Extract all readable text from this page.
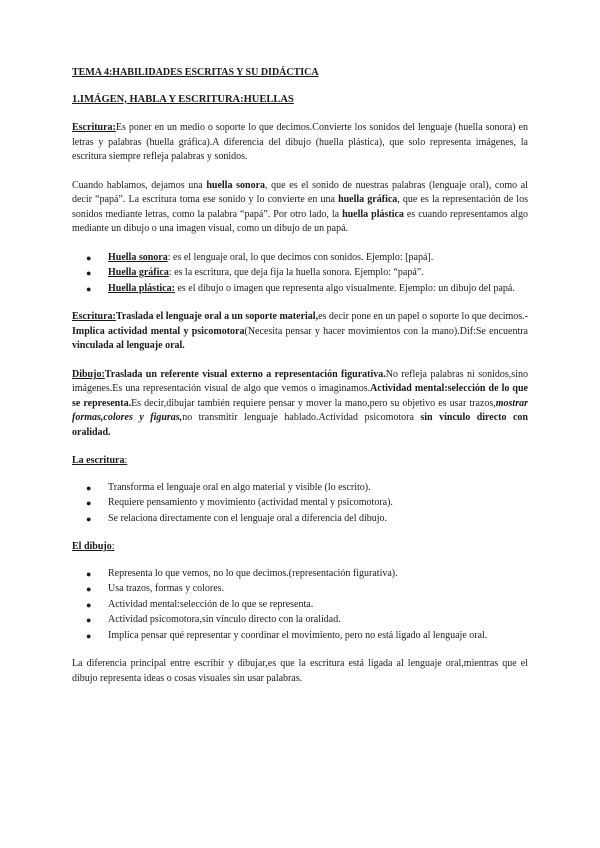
TEMA 4:HABILIDADES ESCRITAS Y SU DIDÁCTICA
1.IMÁGEN, HABLA Y ESCRITURA:HUELLAS

Escritura:Es poner en un medio o soporte lo que decimos.Convierte los sonidos del lenguaje (huella sonora) en letras y palabras (huella gráfica).A diferencia del dibujo (huella plástica), que solo representa imágenes, la escritura siempre refleja palabras y sonidos.

Cuando hablamos, dejamos una huella sonora, que es el sonido de nuestras palabras (lenguaje oral), como al decir “papá”. La escritura toma ese sonido y lo convierte en una huella gráfica, que es la representación de los sonidos mediante letras, como la palabra “papá”. Por otro lado, la huella plástica es cuando representamos algo mediante un dibujo o una imagen visual, como un dibujo de un papá.

● Huella sonora: es el lenguaje oral, lo que decimos con sonidos. Ejemplo: [papá].
● Huella gráfica: es la escritura, que deja fija la huella sonora. Ejemplo: “papá”.
● Huella plástica: es el dibujo o imagen que representa algo visualmente. Ejemplo: un dibujo del papá.

Escritura:Traslada el lenguaje oral a un soporte material,es decir pone en un papel o soporte lo que decimos.-Implica actividad mental y psicomotora(Necesita pensar y hacer movimientos con la mano).Dif:Se encuentra vinculada al lenguaje oral.

Dibujo:Traslada un referente visual externo a representación figurativa.No refleja palabras ni sonidos,sino imágenes.Es una representación visual de algo que vemos o imaginamos.Actividad mental:selección de lo que se representa.Es decir,dibujar también requiere pensar y mover la mano,pero su objetivo es usar trazos,mostrar formas,colores y figuras,no transmitir lenguaje hablado.Actividad psicomotora sin vínculo directo con oralidad.

La escritura:
● Transforma el lenguaje oral en algo material y visible (lo escrito).
● Requiere pensamiento y movimiento (actividad mental y psicomotora).
● Se relaciona directamente con el lenguaje oral a diferencia del dibujo.
El dibujo:
● Representa lo que vemos, no lo que decimos.(representación figurativa).
● Usa trazos, formas y colores.
● Actividad mental:selección de lo que se representa.
● Actividad psicomotora,sin vínculo directo con la oralidad.
● Implica pensar qué representar y coordinar el movimiento, pero no está ligado al lenguaje oral.

La diferencia principal entre escribir y dibujar,es que la escritura está ligada al lenguaje oral,mientras que el dibujo representa ideas o cosas visuales sin usar palabras.
